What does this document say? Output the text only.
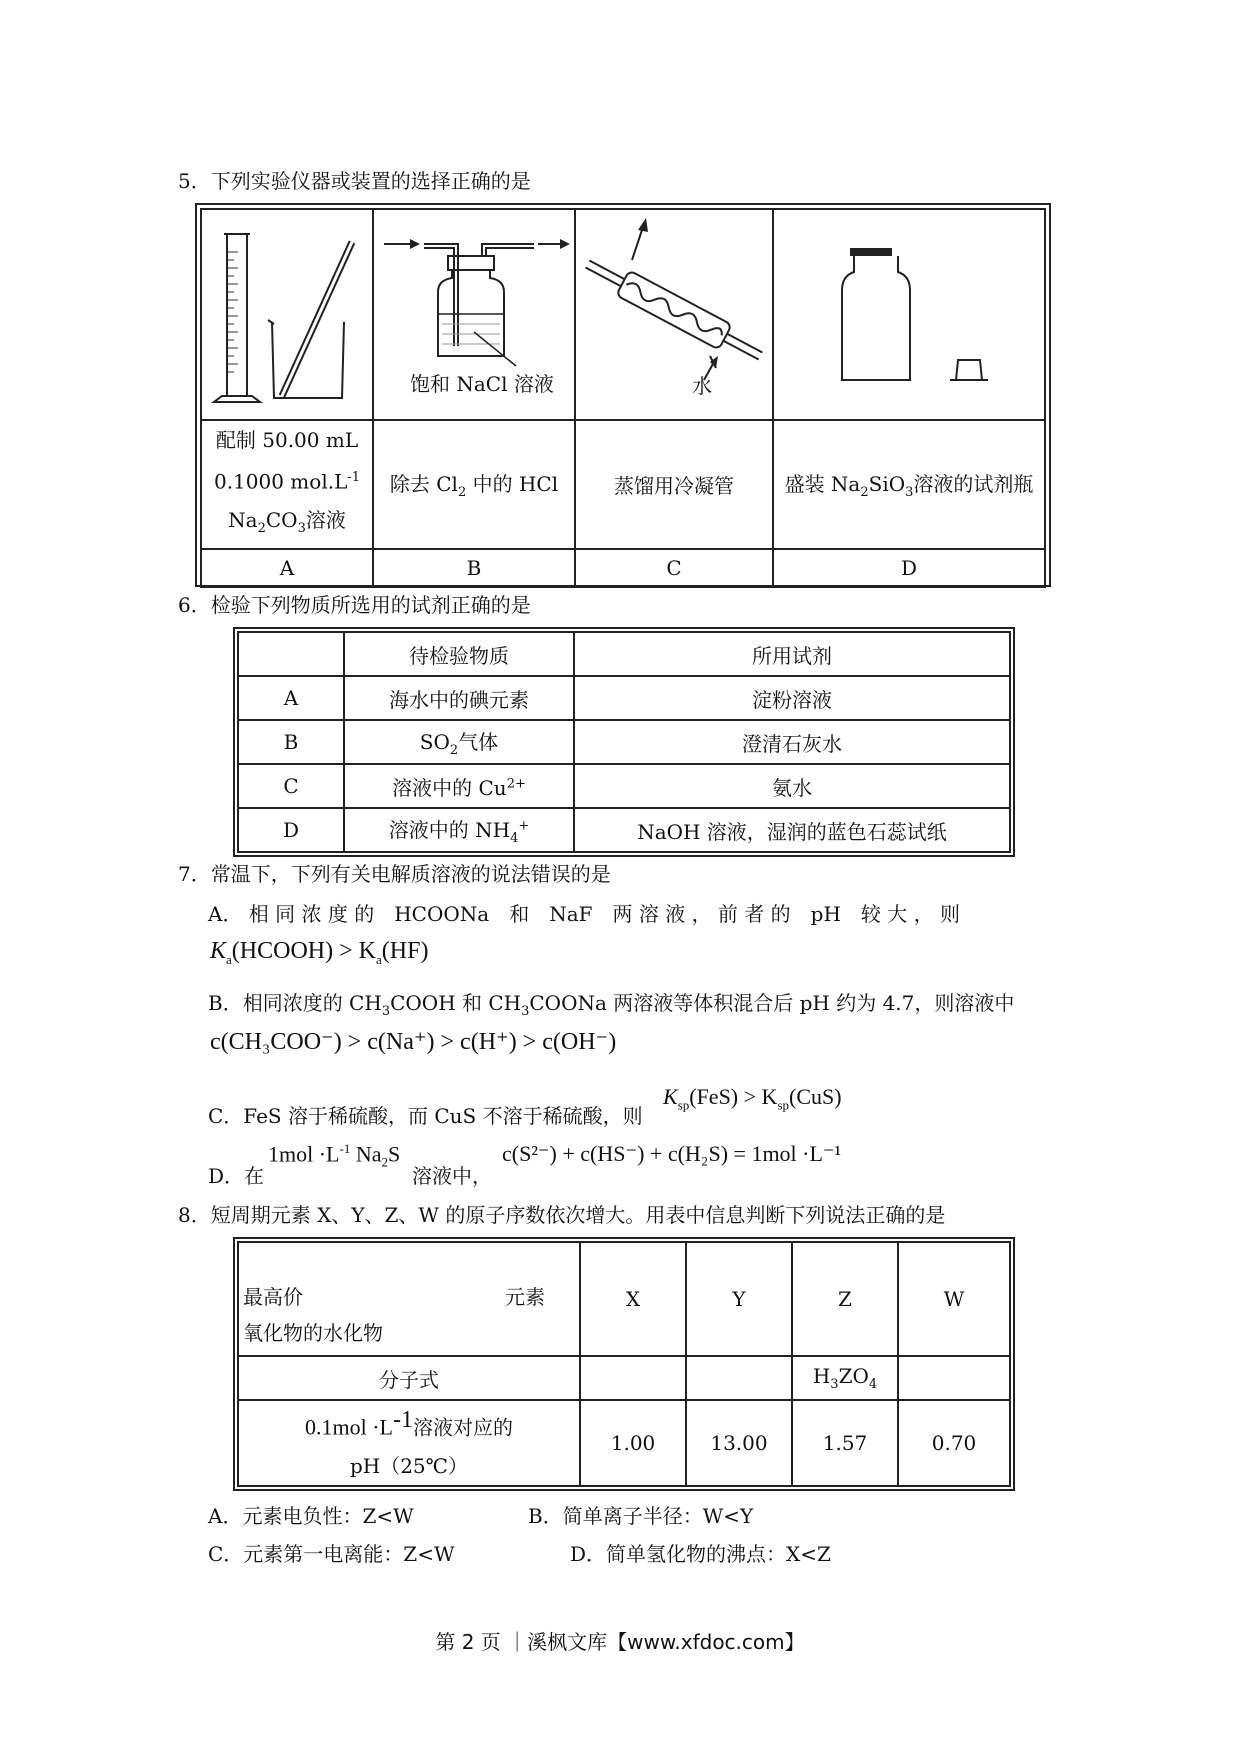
5．下列实验仪器或装置的选择正确的是

饱和 NaCl 溶液	水

配制 50.00 mL
0.1000 $mol.L^{-1}$
$Na_2CO_3$溶液	除去 $Cl_2$ 中的 HCl	蒸馏用冷凝管	盛装 $Na_2SiO_3$溶液的试剂瓶
A	B	C	D
6．检验下列物质所选用的试剂正确的是
	待检验物质	所用试剂
A	海水中的碘元素	淀粉溶液
B	$SO_2$气体	澄清石灰水
C	溶液中的 $Cu^{2+}$	氨水
D	溶液中的 $NH_4^+$	NaOH 溶液，湿润的蓝色石蕊试纸
7．常温下，下列有关电解质溶液的说法错误的是
A． 相 同 浓 度 的　HCOONa　和　NaF　两 溶 液 ， 前 者 的　pH　较 大 ， 则
$K_a(HCOOH) > K_a(HF)$
B．相同浓度的 $CH_3COOH$ 和 $CH_3COONa$ 两溶液等体积混合后 pH 约为 4.7，则溶液中
c(CH₃COO⁻) > c(Na⁺) > c(H⁺) > c(OH⁻)
C．FeS 溶于稀硫酸，而 CuS 不溶于稀硫酸，则
$K_{sp}(FeS) > K_{sp}(CuS)$
D．在
$1mol \cdot L^{-1}$ $Na_2S$
溶液中，
c(S²⁻) + c(HS⁻) + c(H₂S) = 1mol ·L⁻¹
8．短周期元素 X、Y、Z、W 的原子序数依次增大。用表中信息判断下列说法正确的是
最高价 元素
氧化物的水化物	X	Y	Z	W
分子式			$H_3ZO_4$	
$0.1mol \cdot L^{-1}$溶液对应的
pH（25℃）	1.00	13.00	1.57	0.70
A．元素电负性：Z<W	B．简单离子半径：W<Y
C．元素第一电离能：Z<W	D．简单氢化物的沸点：X<Z
第 2 页 ｜溪枫文库【www.xfdoc.com】
